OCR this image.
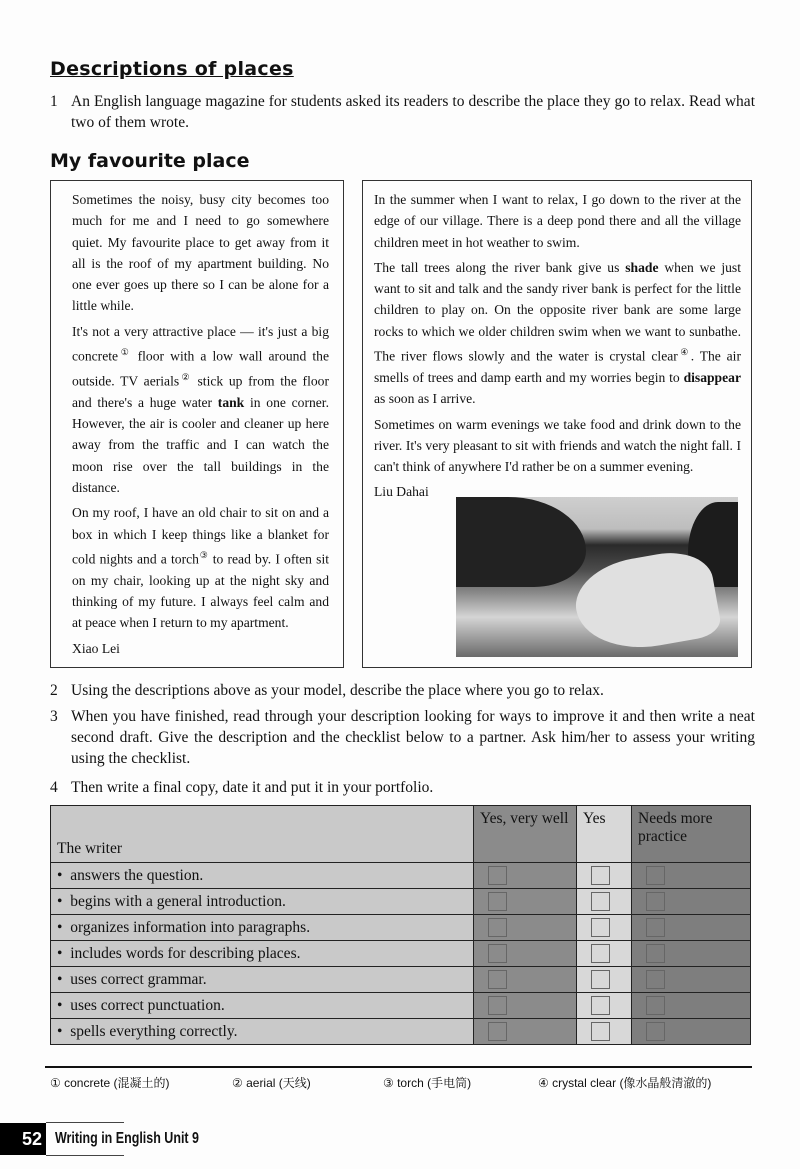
Descriptions of places
1 An English language magazine for students asked its readers to describe the place they go to relax. Read what two of them wrote.
My favourite place

Sometimes the noisy, busy city becomes too much for me and I need to go somewhere quiet. My favourite place to get away from it all is the roof of my apartment building. No one ever goes up there so I can be alone for a little while.

It's not a very attractive place — it's just a big concrete① floor with a low wall around the outside. TV aerials② stick up from the floor and there's a huge water tank in one corner. However, the air is cooler and cleaner up here away from the traffic and I can watch the moon rise over the tall buildings in the distance.

On my roof, I have an old chair to sit on and a box in which I keep things like a blanket for cold nights and a torch③ to read by. I often sit on my chair, looking up at the night sky and thinking of my future. I always feel calm and at peace when I return to my apartment.

Xiao Lei

In the summer when I want to relax, I go down to the river at the edge of our village. There is a deep pond there and all the village children meet in hot weather to swim.

The tall trees along the river bank give us shade when we just want to sit and talk and the sandy river bank is perfect for the little children to play on. On the opposite river bank are some large rocks to which we older children swim when we want to sunbathe. The river flows slowly and the water is crystal clear④. The air smells of trees and damp earth and my worries begin to disappear as soon as I arrive.

Sometimes on warm evenings we take food and drink down to the river. It's very pleasant to sit with friends and watch the night fall. I can't think of anywhere I'd rather be on a summer evening.

Liu Dahai

2 Using the descriptions above as your model, describe the place where you go to relax.
3 When you have finished, read through your description looking for ways to improve it and then write a neat second draft. Give the description and the checklist below to a partner. Ask him/her to assess your writing using the checklist.
4 Then write a final copy, date it and put it in your portfolio.
The writer	Yes, very well	Yes	Needs more practice
•  answers the question.			
•  begins with a general introduction.			
•  organizes information into paragraphs.			
•  includes words for describing places.			
•  uses correct grammar.			
•  uses correct punctuation.			
•  spells everything correctly.			
① concrete (混凝土的)	② aerial (天线)	③ torch (手电筒)	④ crystal clear (像水晶般清澈的)
52 Writing in English Unit 9
